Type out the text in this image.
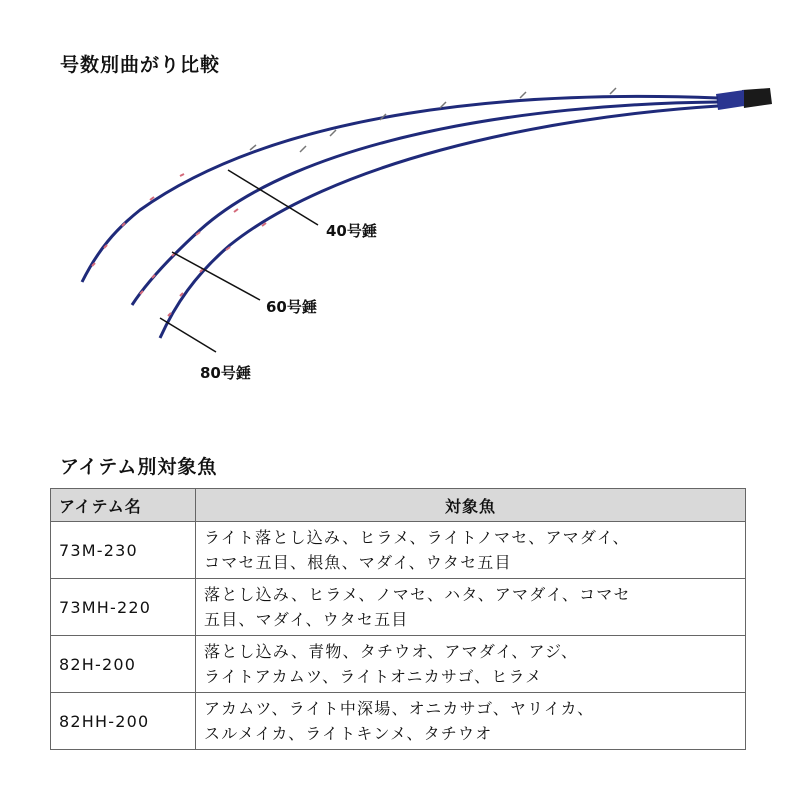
号数別曲がり比較
40号錘
60号錘
80号錘
アイテム別対象魚
アイテム名	対象魚
73M-230	ライト落とし込み、ヒラメ、ライトノマセ、アマダイ、
コマセ五目、根魚、マダイ、ウタセ五目

73MH-220	落とし込み、ヒラメ、ノマセ、ハタ、アマダイ、コマセ
五目、マダイ、ウタセ五目

82H-200	落とし込み、青物、タチウオ、アマダイ、アジ、
ライトアカムツ、ライトオニカサゴ、ヒラメ

82HH-200	アカムツ、ライト中深場、オニカサゴ、ヤリイカ、
スルメイカ、ライトキンメ、タチウオ
